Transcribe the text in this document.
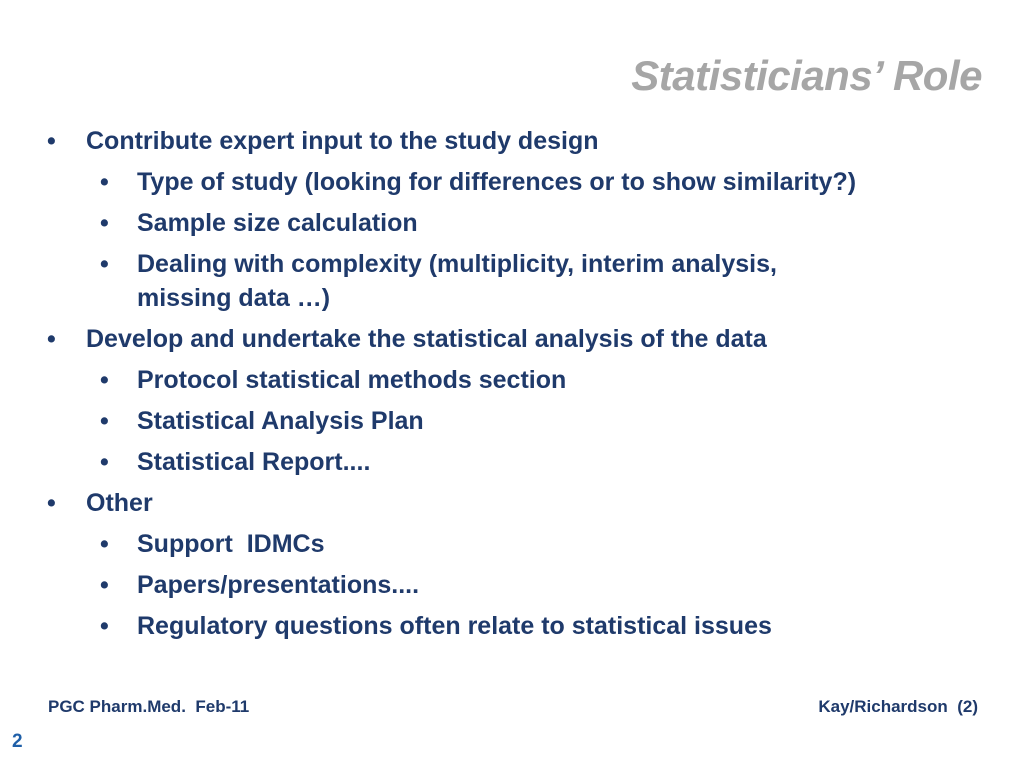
Statisticians’ Role
• Contribute expert input to the study design
• Type of study (looking for differences or to show similarity?)
• Sample size calculation
• Dealing with complexity (multiplicity, interim analysis,
missing data …)
• Develop and undertake the statistical analysis of the data
• Protocol statistical methods section
• Statistical Analysis Plan
• Statistical Report....
• Other
• Support  IDMCs
• Papers/presentations....
• Regulatory questions often relate to statistical issues
PGC Pharm.Med.  Feb-11	Kay/Richardson  (2)
2
